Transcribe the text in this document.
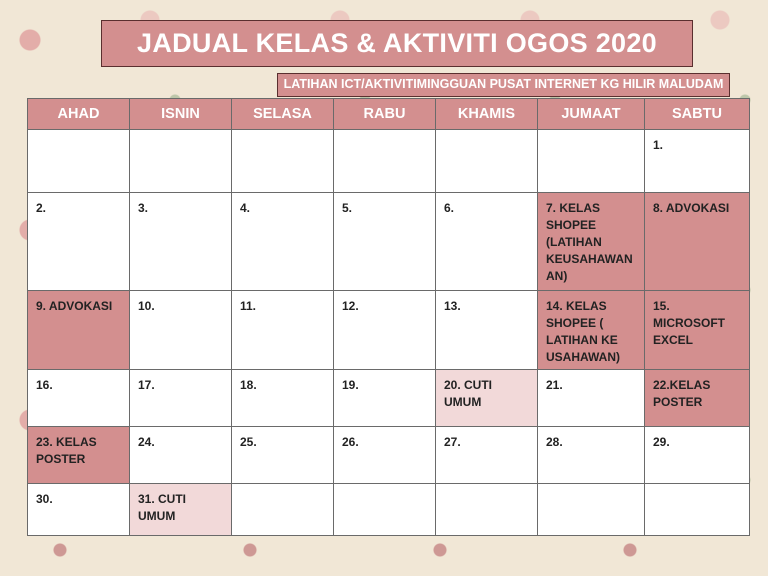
JADUAL KELAS & AKTIVITI OGOS 2020
LATIHAN ICT/AKTIVITIMINGGUAN PUSAT INTERNET KG HILIR MALUDAM
AHAD	ISNIN	SELASA	RABU	KHAMIS	JUMAAT	SABTU

						1.

2.	3.	4.	5.	6.	7. KELAS SHOPEE (LATIHAN KEUSAHAWAN AN)	8. ADVOKASI

9. ADVOKASI	10.	11.	12.	13.	14. KELAS SHOPEE ( LATIHAN KE USAHAWAN)	15. MICROSOFT EXCEL

16.	17.	18.	19.	20. CUTI UMUM	21.	22.KELAS POSTER

23. KELAS POSTER	24.	25.	26.	27.	28.	29.

30.	31. CUTI UMUM					
